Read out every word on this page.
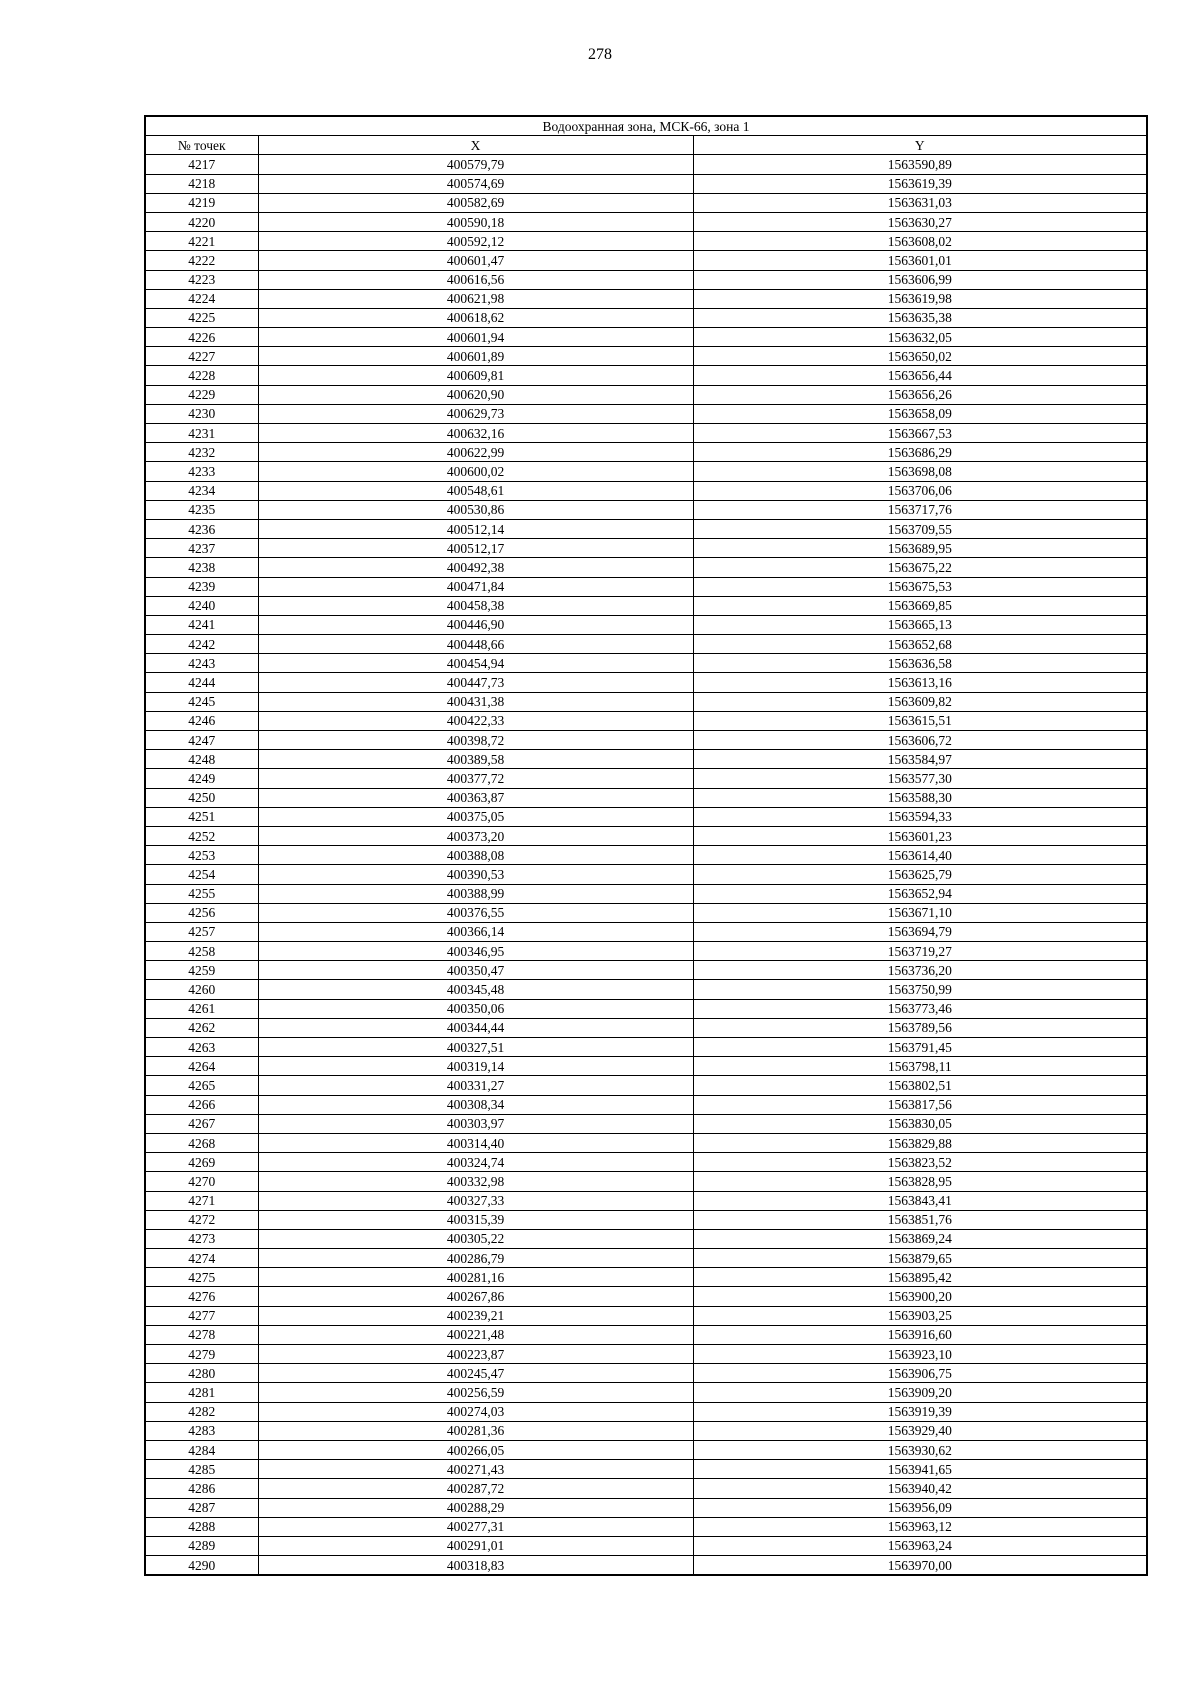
278
Водоохранная зона, МСК-66, зона 1		
№ точек	X	Y
4217	400579,79	1563590,89
4218	400574,69	1563619,39
4219	400582,69	1563631,03
4220	400590,18	1563630,27
4221	400592,12	1563608,02
4222	400601,47	1563601,01
4223	400616,56	1563606,99
4224	400621,98	1563619,98
4225	400618,62	1563635,38
4226	400601,94	1563632,05
4227	400601,89	1563650,02
4228	400609,81	1563656,44
4229	400620,90	1563656,26
4230	400629,73	1563658,09
4231	400632,16	1563667,53
4232	400622,99	1563686,29
4233	400600,02	1563698,08
4234	400548,61	1563706,06
4235	400530,86	1563717,76
4236	400512,14	1563709,55
4237	400512,17	1563689,95
4238	400492,38	1563675,22
4239	400471,84	1563675,53
4240	400458,38	1563669,85
4241	400446,90	1563665,13
4242	400448,66	1563652,68
4243	400454,94	1563636,58
4244	400447,73	1563613,16
4245	400431,38	1563609,82
4246	400422,33	1563615,51
4247	400398,72	1563606,72
4248	400389,58	1563584,97
4249	400377,72	1563577,30
4250	400363,87	1563588,30
4251	400375,05	1563594,33
4252	400373,20	1563601,23
4253	400388,08	1563614,40
4254	400390,53	1563625,79
4255	400388,99	1563652,94
4256	400376,55	1563671,10
4257	400366,14	1563694,79
4258	400346,95	1563719,27
4259	400350,47	1563736,20
4260	400345,48	1563750,99
4261	400350,06	1563773,46
4262	400344,44	1563789,56
4263	400327,51	1563791,45
4264	400319,14	1563798,11
4265	400331,27	1563802,51
4266	400308,34	1563817,56
4267	400303,97	1563830,05
4268	400314,40	1563829,88
4269	400324,74	1563823,52
4270	400332,98	1563828,95
4271	400327,33	1563843,41
4272	400315,39	1563851,76
4273	400305,22	1563869,24
4274	400286,79	1563879,65
4275	400281,16	1563895,42
4276	400267,86	1563900,20
4277	400239,21	1563903,25
4278	400221,48	1563916,60
4279	400223,87	1563923,10
4280	400245,47	1563906,75
4281	400256,59	1563909,20
4282	400274,03	1563919,39
4283	400281,36	1563929,40
4284	400266,05	1563930,62
4285	400271,43	1563941,65
4286	400287,72	1563940,42
4287	400288,29	1563956,09
4288	400277,31	1563963,12
4289	400291,01	1563963,24
4290	400318,83	1563970,00
